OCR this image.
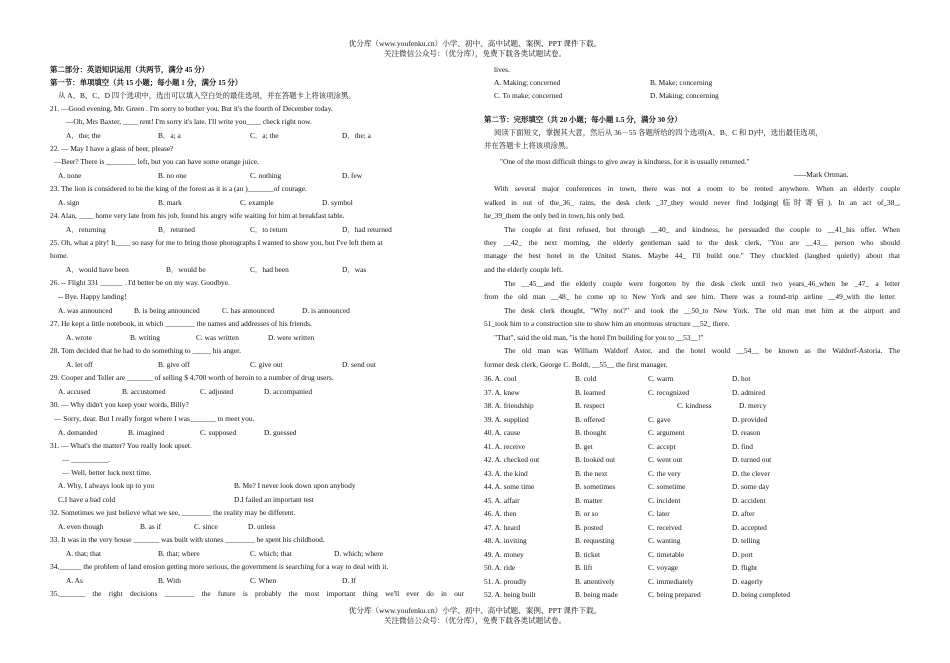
优分库（www.youfenku.cn）小学、初中、高中试题、案例、PPT 课件下载。
关注微信公众号：（优分库），免费下载各类试题试卷。
第二部分：英语知识运用（共两节，满分 45 分）
第一节：单项填空（共 15 小题；每小题 1 分，满分 15 分）
从 A、B、C、D 四个选项中，选出可以填入空白处的最佳选项，并在答题卡上将该项涂黑。
21. —Good evening, Mr. Green . I'm sorry to bother you. But it's the fourth of December today.
—Oh, Mrs Baxter, ____ rent! I'm sorry it's late. I'll write you____ check right now.
A．the; the	B．a; a	C．a; the	D．the; a
22. — May I have a glass of beer, please?
—Beer? There is ________ left, but you can have some orange juice.
A. none	B. no one	C. nothing	D. few
23. The lion is considered to be the king of the forest as it is a (an )_______of courage.
A. sign	B. mark	C. example	D. symbol
24. Alan, ____ home very late from his job, found his angry wife waiting for him at breakfast table.
A．returning	B．returned	C．to return	D．had returned
25. Oh, what a pity! It____ so easy for me to bring those photographs I wanted to show you, but I've left them at
home.
A．would have been	B．would be	C．had been	D．was
26. -- Flight 331 ______ . I'd better be on my way. Goodbye.
-- Bye. Happy landing!
A. was announced	B. is being announced	C. has announced	D. is announced
27. He kept a little notebook, in which ________ the names and addresses of his friends.
A. wrote	B. writing	C. was written	D. were written
28. Tom decided that he had to do something to _____ his anger.
A. let off	B. give off	C. give out	D. send out
29. Cooper and Teller are _______ of selling $ 4,700 worth of heroin to a number of drug users.
A. accused	B. accustomed	C. adjusted	D. accompanied
30. — Why didn't you keep your words, Billy?
— Sorry, dear. But I really forgot where I was_______ to meet you.
A. demanded	B. imagined	C. supposed	D. guessed
31. — What's the matter? You really look upset.
— __________.
— Well, better luck next time.
A. Why, I always look up to you	B. Me? I never look down upon anybody
C.I have a bad cold	D.I failed an important test
32. Sometimes we just believe what we see, ________ the reality may be different.
A. even though	B. as if	C. since	D. unless
33. It was in the very house _______ was built with stones ________ he spent his childhood.
A. that; that	B. that; where	C. which; that	D. which; where
34.______ the problem of land erosion getting more serious, the government is searching for a way to deal with it.
A. As	B. With	C. When	D. If
35._______ the right decisions ________ the future is probably the most important thing we'll ever do in our
lives.
A. Making; concerned	B. Make; concerning
C. To make; concerned	D. Making; concerning
第二节：完形填空（共 20 小题；每小题 1.5 分，满分 30 分）
阅读下面短文，掌握其大意，然后从 36－55 各题所给的四个选项(A、B、C 和 D)中，选出最佳选项，
并在答题卡上将该项涂黑。
"One of the most difficult things to give away is kindness, for it is usually returned."
-----Mark Ortman.
With several major conferences in town, there was not a room to be rented anywhere. When an elderly couple
walked in out of the_36_ rains, the desk clerk _37_they would never find lodging(临时寄宿). In an act of_38_,
he_39_them the only bed in town, his only bed.
The couple at first refused, but through __40_ and kindness, he persuaded the couple to __41_his offer. When
they __42_ the next morning, the elderly gentleman said to the desk clerk, "You are __43__ person who should
manage the best hotel in the United States. Maybe 44_ I'll build one." They chuckled (laughed quietly) about that
and the elderly couple left.
The __45__and the elderly couple were forgotten by the desk clerk until two years_46_when he _47_ a letter
from the old man __48_ he come up to New York and see him. There was a round-trip airline __49_with the letter.
The desk clerk thought, "Why not?" and took the __50_to New York. The old man met him at the airport and
51_took him to a construction site to show him an enormous structure __52_ there.
"That", said the old man, "is the hotel I'm building for you to __53__!"
The old man was William Waldorf Astor, and the hotel would __54__ be known as the Waldorf-Astoria. The
former desk clerk, George C. Boldt, __55__ the first manager.
36. A. cool	B. cold	C. warm	D. hot
37. A. knew	B. learned	C. recognized	D. admired
38. A. friendship	B. respect	C. kindness	D. mercy
39. A. supplied	B. offered	C. gave	D. provided
40. A. cause	B. thought	C. argument	D. reason
41. A. receive	B. get	C. accept	D. find
42. A. checked out	B. looked out	C. went out	D. turned out
43. A. the kind	B. the next	C. the very	D. the clever
44. A. some time	B. sometimes	C. sometime	D. some day
45. A. affair	B. matter	C. incident	D. accident
46. A. then	B. or so	C. later	D. after
47. A. heard	B. posted	C. received	D. accepted
48. A. inviting	B. requesting	C. wanting	D. telling
49. A. money	B. ticket	C. timetable	D. port
50. A. ride	B. lift	C. voyage	D. flight
51. A. proudly	B. attentively	C. immediately	D. eagerly
52. A. being built	B. being made	C. being prepared	D. being completed
优分库（www.youfenku.cn）小学、初中、高中试题、案例、PPT 课件下载。
关注微信公众号：（优分库），免费下载各类试题试卷。
